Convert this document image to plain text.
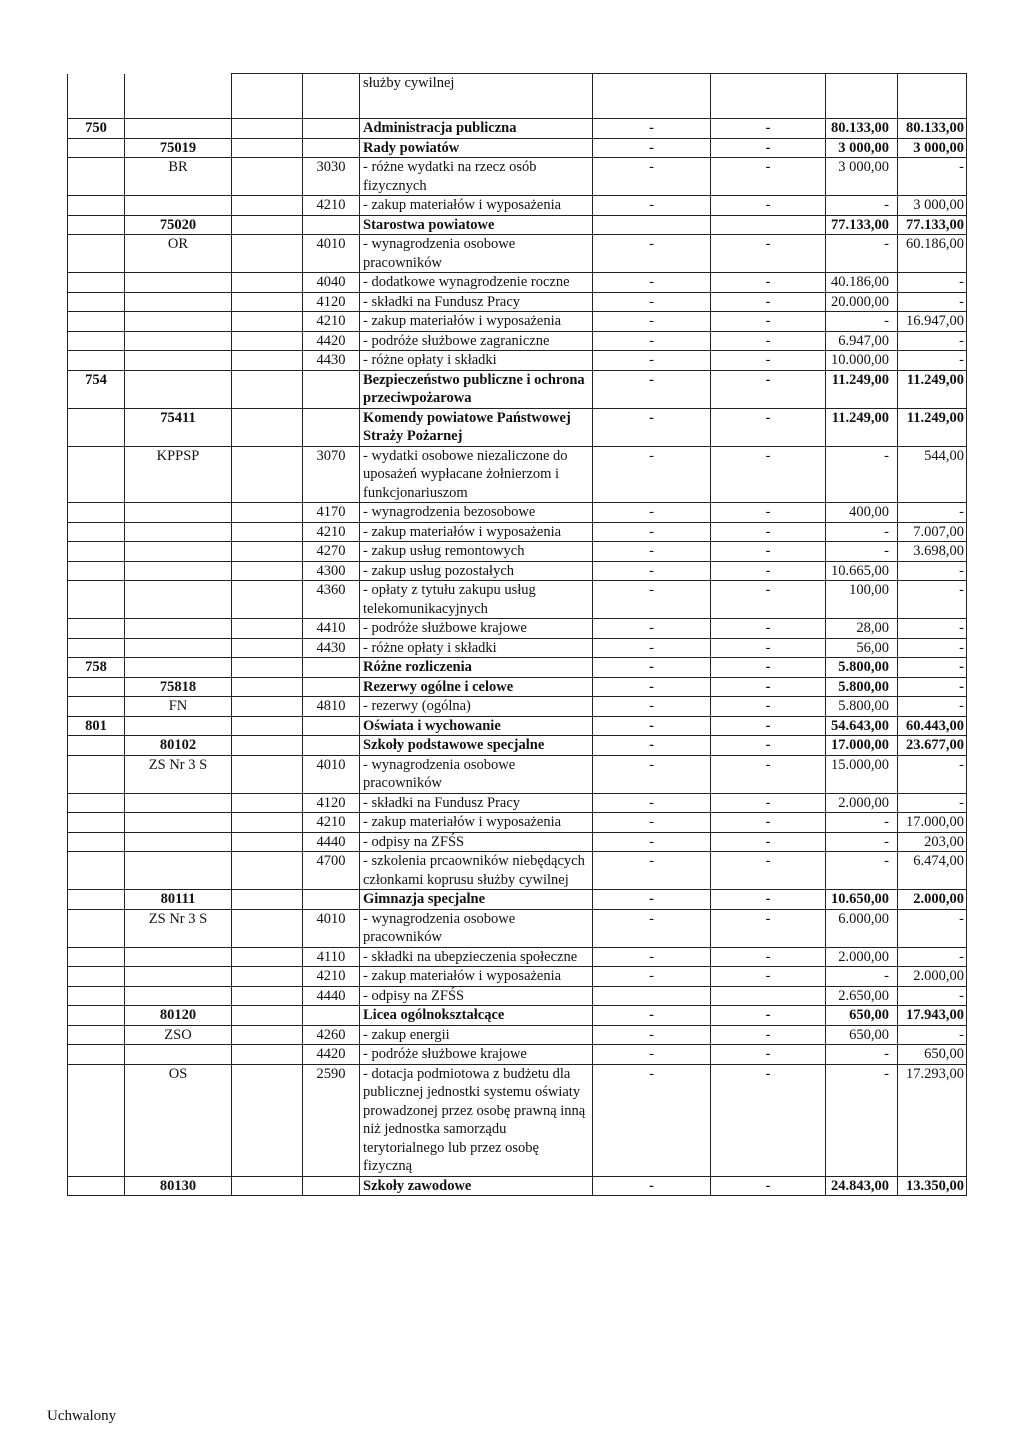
				służby cywilnej				
750				Administracja publiczna	-	-	80.133,00	80.133,00
	75019			Rady powiatów	-	-	3 000,00	3 000,00
	BR		3030	- różne wydatki na rzecz osób fizycznych	-	-	3 000,00	-
			4210	- zakup materiałów i wyposażenia	-	-	-	3 000,00
	75020			Starostwa powiatowe			77.133,00	77.133,00
	OR		4010	- wynagrodzenia osobowe pracowników	-	-	-	60.186,00
			4040	- dodatkowe wynagrodzenie roczne	-	-	40.186,00	-
			4120	- składki na Fundusz Pracy	-	-	20.000,00	-
			4210	- zakup materiałów i wyposażenia	-	-	-	16.947,00
			4420	- podróże służbowe zagraniczne	-	-	6.947,00	-
			4430	- różne opłaty i składki	-	-	10.000,00	-
754				Bezpieczeństwo publiczne i ochrona przeciwpożarowa	-	-	11.249,00	11.249,00
	75411			Komendy powiatowe Państwowej Straży Pożarnej	-	-	11.249,00	11.249,00
	KPPSP		3070	- wydatki osobowe niezaliczone do uposażeń wypłacane żołnierzom i funkcjonariuszom	-	-	-	544,00
			4170	- wynagrodzenia bezosobowe	-	-	400,00	-
			4210	- zakup materiałów i wyposażenia	-	-	-	7.007,00
			4270	- zakup usług remontowych	-	-	-	3.698,00
			4300	- zakup usług pozostałych	-	-	10.665,00	-
			4360	- opłaty z tytułu zakupu usług telekomunikacyjnych	-	-	100,00	-
			4410	- podróże służbowe krajowe	-	-	28,00	-
			4430	- różne opłaty i składki	-	-	56,00	-
758				Różne rozliczenia	-	-	5.800,00	-
	75818			Rezerwy ogólne i celowe	-	-	5.800,00	-
	FN		4810	- rezerwy (ogólna)	-	-	5.800,00	-
801				Oświata i wychowanie	-	-	54.643,00	60.443,00
	80102			Szkoły podstawowe specjalne	-	-	17.000,00	23.677,00
	ZS Nr 3 S		4010	- wynagrodzenia osobowe pracowników	-	-	15.000,00	-
			4120	- składki na Fundusz Pracy	-	-	2.000,00	-
			4210	- zakup materiałów i wyposażenia	-	-	-	17.000,00
			4440	- odpisy na ZFŚS	-	-	-	203,00
			4700	- szkolenia prcaowników niebędących członkami koprusu służby cywilnej	-	-	-	6.474,00
	80111			Gimnazja specjalne	-	-	10.650,00	2.000,00
	ZS Nr 3 S		4010	- wynagrodzenia osobowe pracowników	-	-	6.000,00	-
			4110	- składki na ubepzieczenia społeczne	-	-	2.000,00	-
			4210	- zakup materiałów i wyposażenia	-	-	-	2.000,00
			4440	- odpisy na ZFŚS			2.650,00	-
	80120			Licea ogólnokształcące	-	-	650,00	17.943,00
	ZSO		4260	- zakup energii	-	-	650,00	-
			4420	- podróże służbowe krajowe	-	-	-	650,00
	OS		2590	- dotacja podmiotowa z budżetu dla publicznej jednostki systemu oświaty prowadzonej przez osobę prawną inną niż jednostka samorządu terytorialnego lub przez osobę fizyczną	-	-	-	17.293,00
	80130			Szkoły zawodowe	-	-	24.843,00	13.350,00
Uchwalony
